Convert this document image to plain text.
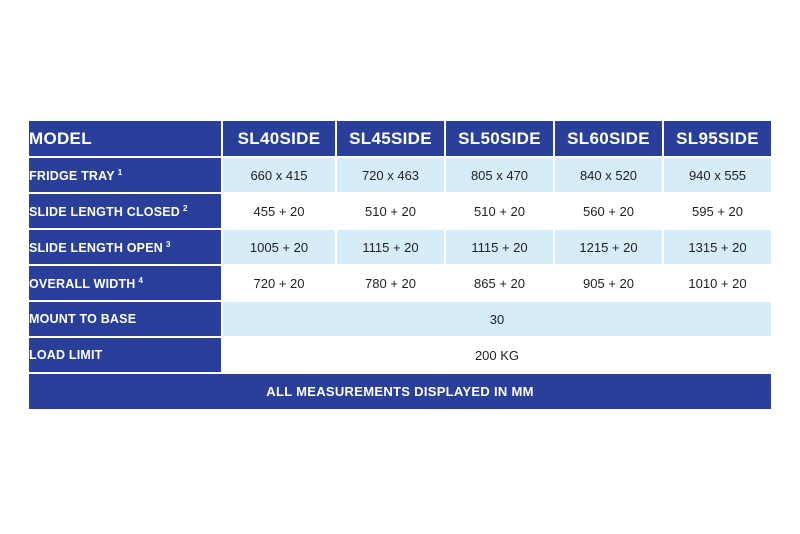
MODEL	SL40SIDE	SL45SIDE	SL50SIDE	SL60SIDE	SL95SIDE
FRIDGE TRAY $^1$	660 x 415	720 x 463	805 x 470	840 x 520	940 x 555
SLIDE LENGTH CLOSED $^2$	455 + 20	510 + 20	510 + 20	560 + 20	595 + 20
SLIDE LENGTH OPEN $^3$	1005 + 20	1115 + 20	1115 + 20	1215 + 20	1315 + 20
OVERALL WIDTH $^4$	720 + 20	780 + 20	865 + 20	905 + 20	1010 + 20
MOUNT TO BASE	30				
LOAD LIMIT	200 KG				
ALL MEASUREMENTS DISPLAYED IN MM					
